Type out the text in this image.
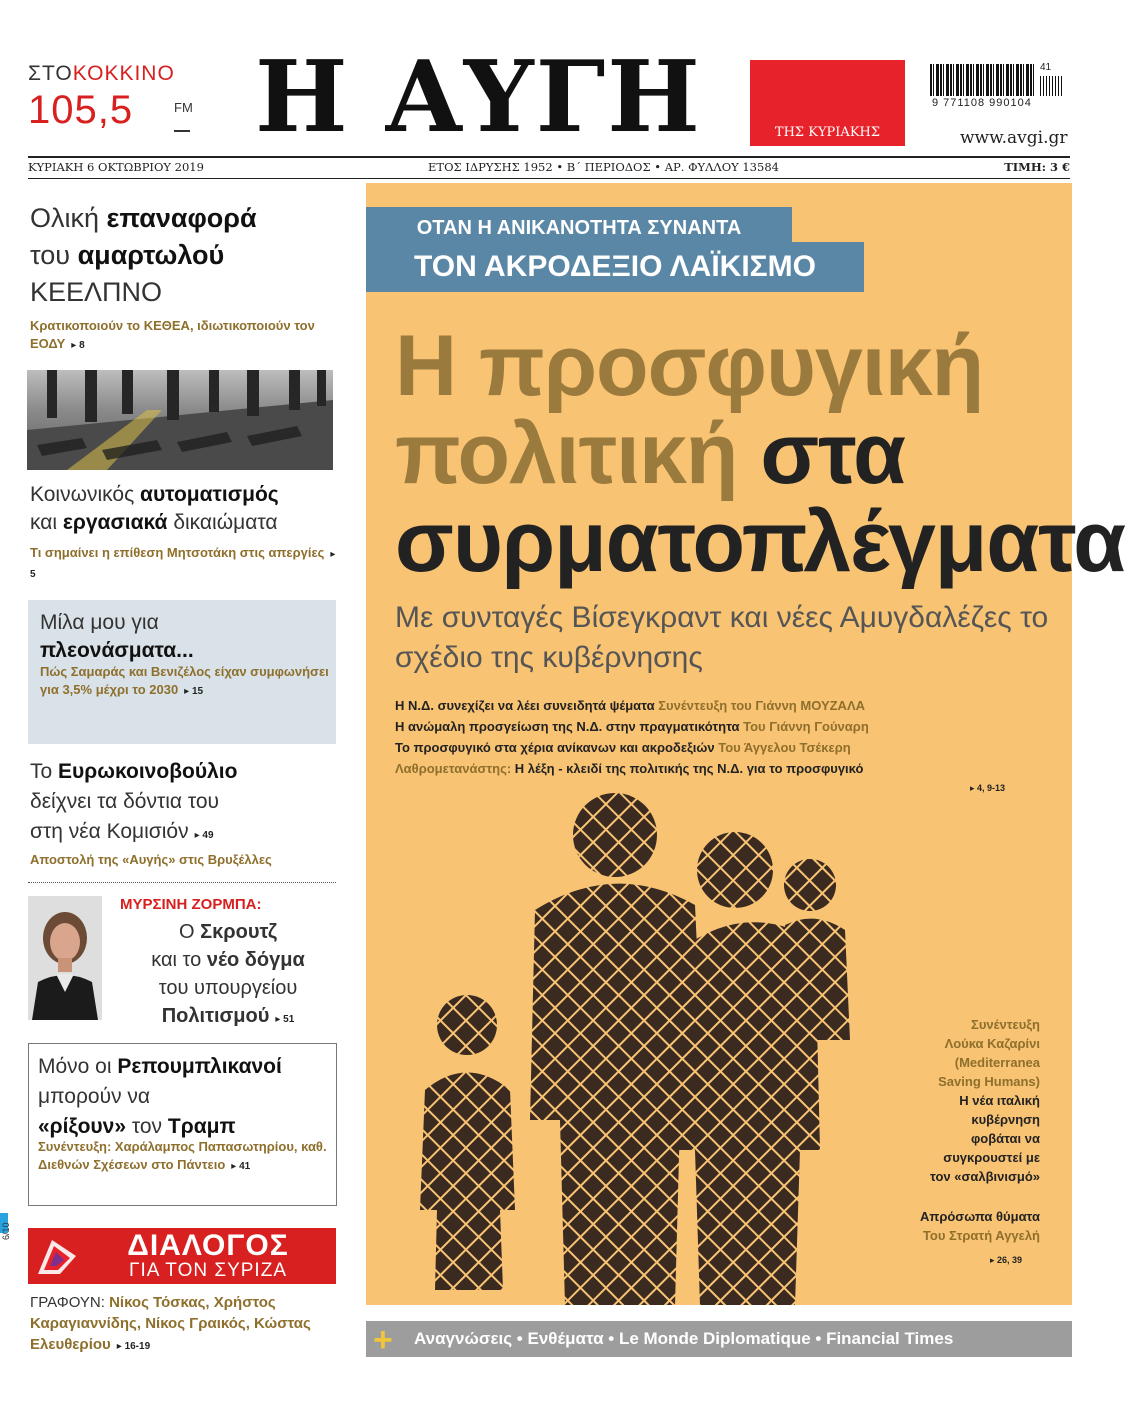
ΣΤΟΚΟΚΚΙΝΟ
105,5	FM Η ΑΥΓΗ	ΤΗΣ ΚΥΡΙΑΚΗΣ
9 771108 990104
41
www.avgi.gr
ΚΥΡΙΑΚΗ 6 ΟΚΤΩΒΡΙΟΥ 2019	ΕΤΟΣ ΙΔΡΥΣΗΣ 1952 • Β΄ ΠΕΡΙΟΔΟΣ • ΑΡ. ΦΥΛΛΟΥ 13584	ΤΙΜΗ: 3 €
Ολική επαναφορά
του αμαρτωλού
ΚΕΕΛΠΝΟ
Κρατικοποιούν το ΚΕΘΕΑ, ιδιωτικοποιούν τον ΕΟΔΥ ▸ 8
Κοινωνικός αυτοματισμός
και εργασιακά δικαιώματα
Τι σημαίνει η επίθεση Μητσοτάκη στις απεργίες ▸ 5
Μίλα μου για
πλεονάσματα...
Πώς Σαμαράς και Βενιζέλος είχαν συμφωνήσει για 3,5% μέχρι το 2030 ▸ 15
Το Ευρωκοινοβούλιο
δείχνει τα δόντια του
στη νέα Κομισιόν ▸ 49
Αποστολή της «Αυγής» στις Βρυξέλλες
ΜΥΡΣΙΝΗ ΖΟΡΜΠΑ:
Ο Σκρουτζ
και το νέο δόγμα
του υπουργείου
Πολιτισμού ▸ 51
Μόνο οι Ρεπουμπλικανοί
μπορούν να
«ρίξουν» τον Τραμπ
Συνέντευξη: Χαράλαμπος Παπασωτηρίου, καθ. Διεθνών Σχέσεων στο Πάντειο ▸ 41
6/10	ΔΙΑΛΟΓΟΣ
ΓΙΑ ΤΟΝ ΣΥΡΙΖΑ
ΓΡΑΦΟΥΝ: Νίκος Τόσκας, Χρήστος Καραγιαννίδης, Νίκος Γραικός, Κώστας Ελευθερίου ▸ 16-19
ΟΤΑΝ Η ΑΝΙΚΑΝΟΤΗΤΑ ΣΥΝΑΝΤΑ
ΤΟΝ ΑΚΡΟΔΕΞΙΟ ΛΑΪΚΙΣΜΟ
Η προσφυγική
πολιτική στα
συρματοπλέγματα
Με συνταγές Βίσεγκραντ και νέες Αμυγδαλέζες το σχέδιο της κυβέρνησης
Η Ν.Δ. συνεχίζει να λέει συνειδητά ψέματα Συνέντευξη του Γιάννη ΜΟΥΖΑΛΑ
Η ανώμαλη προσγείωση της Ν.Δ. στην πραγματικότητα Του Γιάννη Γούναρη
Το προσφυγικό στα χέρια ανίκανων και ακροδεξιών Του Άγγελου Τσέκερη
Λαθρομετανάστης: Η λέξη - κλειδί της πολιτικής της Ν.Δ. για το προσφυγικό
▸ 4, 9-13
Συνέντευξη
Λούκα Καζαρίνι
(Mediterranea
Saving Humans)
Η νέα ιταλική
κυβέρνηση
φοβάται να
συγκρουστεί με
τον «σαλβινισμό»
Απρόσωπα θύματα
Του Στρατή Αγγελή
▸ 26, 39
+ Αναγνώσεις • Ενθέματα • Le Monde Diplomatique • Financial Times
